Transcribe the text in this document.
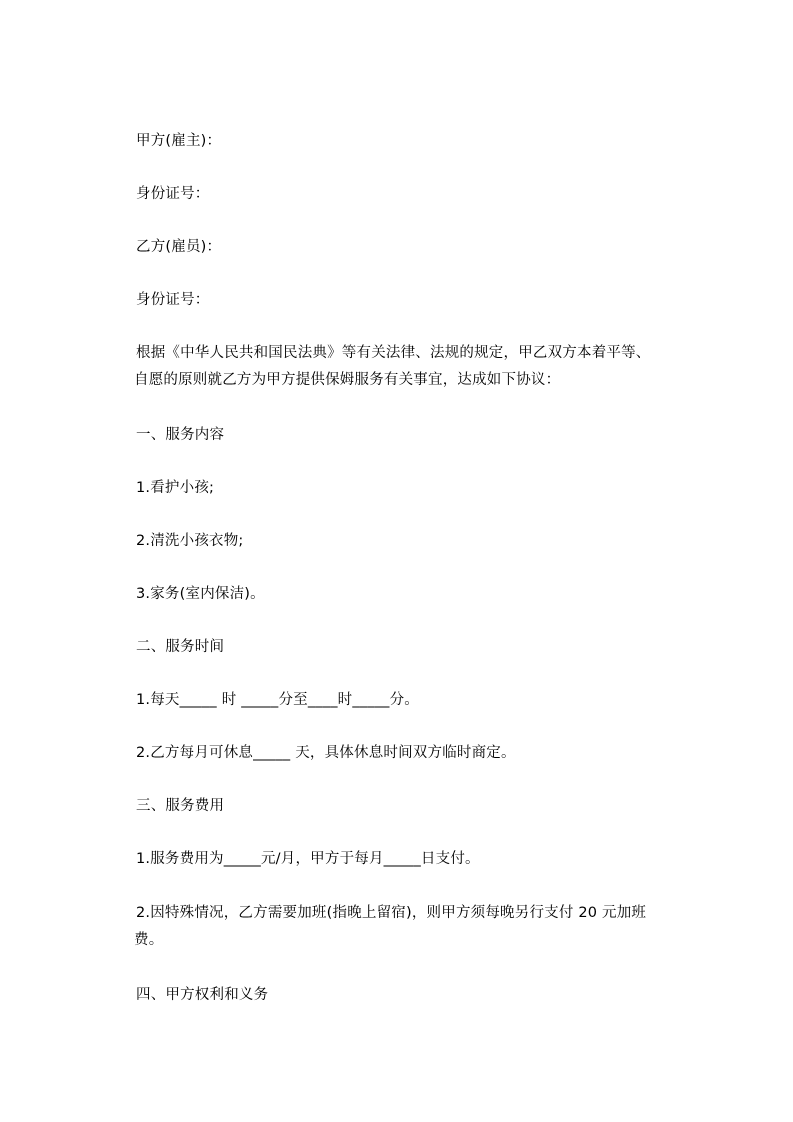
甲方(雇主)：
身份证号：
乙方(雇员)：
身份证号：
根据《中华人民共和国民法典》等有关法律、法规的规定，甲乙双方本着平等、
自愿的原则就乙方为甲方提供保姆服务有关事宜，达成如下协议：
一、服务内容
1.看护小孩;
2.清洗小孩衣物;
3.家务(室内保洁)。
二、服务时间
1.每天_____ 时 _____分至____时_____分。
2.乙方每月可休息_____ 天，具体休息时间双方临时商定。
三、服务费用
1.服务费用为_____元/月，甲方于每月_____日支付。
2.因特殊情况，乙方需要加班(指晚上留宿)，则甲方须每晚另行支付 20 元加班
费。
四、甲方权利和义务
